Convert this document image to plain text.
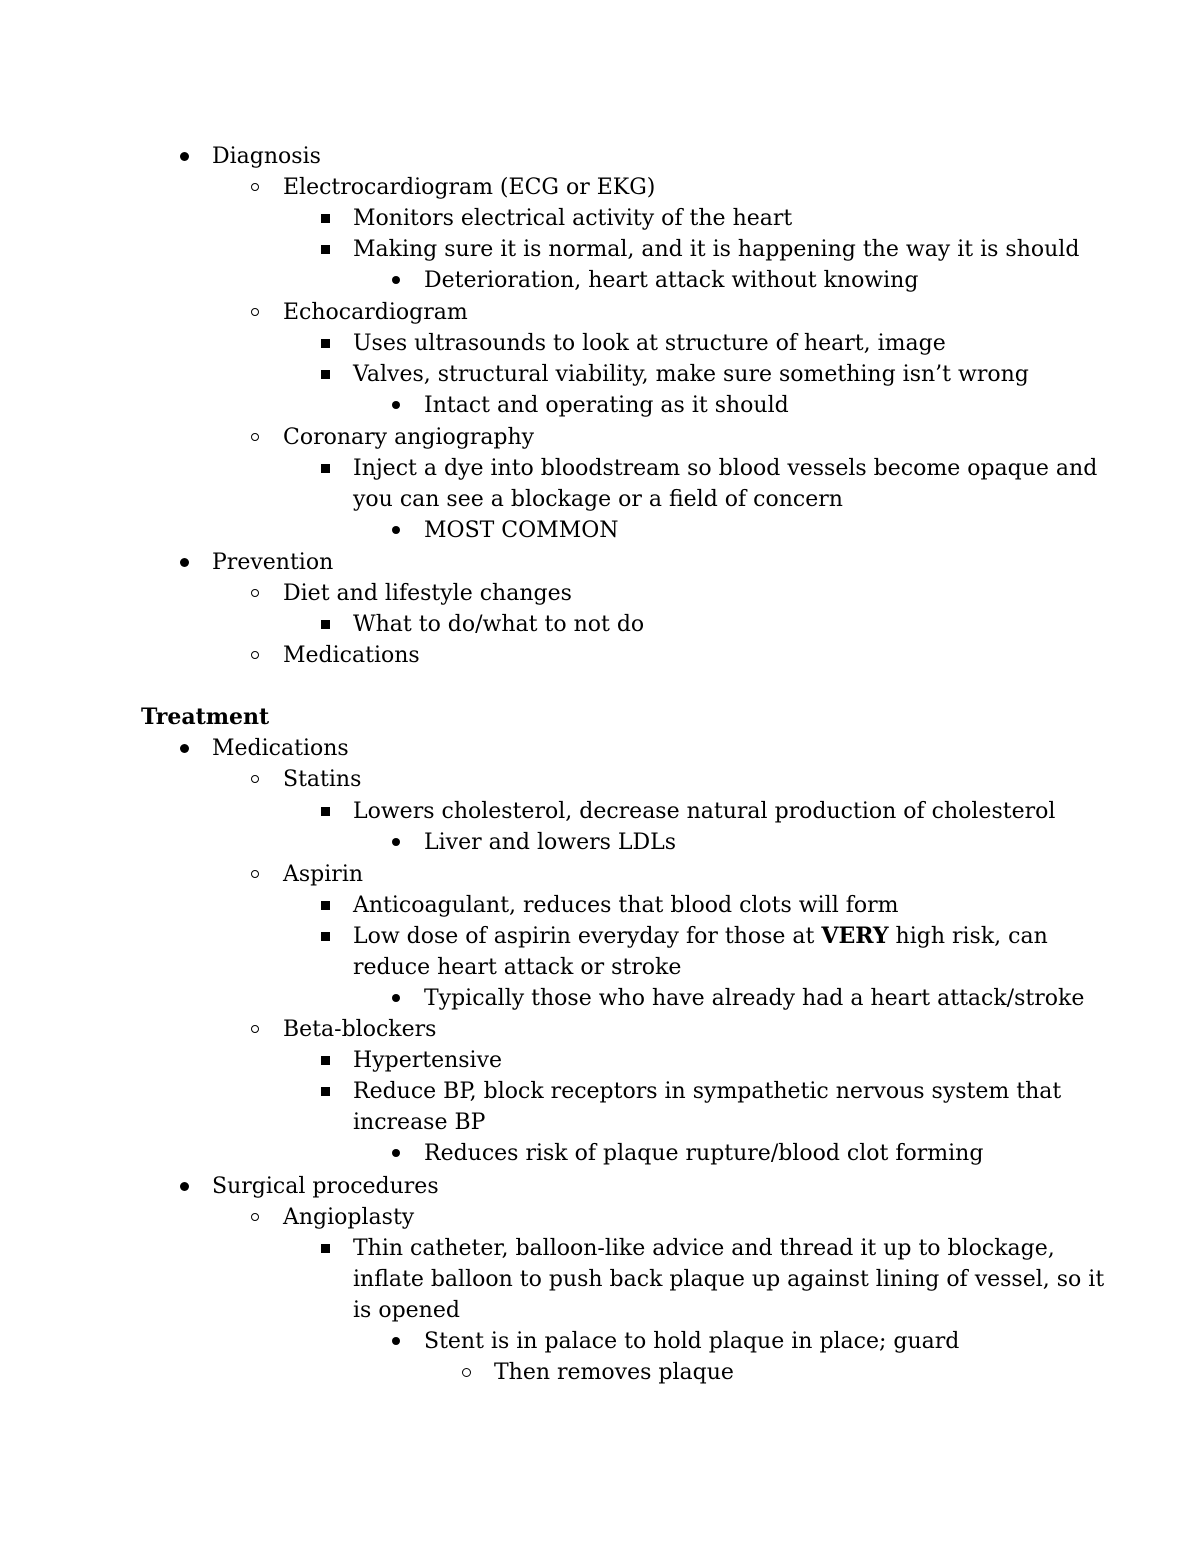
Diagnosis
Electrocardiogram (ECG or EKG)
Monitors electrical activity of the heart
Making sure it is normal, and it is happening the way it is should
Deterioration, heart attack without knowing
Echocardiogram
Uses ultrasounds to look at structure of heart, image
Valves, structural viability, make sure something isn’t wrong
Intact and operating as it should
Coronary angiography
Inject a dye into bloodstream so blood vessels become opaque and
you can see a blockage or a field of concern
MOST COMMON
Prevention
Diet and lifestyle changes
What to do/what to not do
Medications
Treatment
Medications
Statins
Lowers cholesterol, decrease natural production of cholesterol
Liver and lowers LDLs
Aspirin
Anticoagulant, reduces that blood clots will form
Low dose of aspirin everyday for those at VERY high risk, can
reduce heart attack or stroke
Typically those who have already had a heart attack/stroke
Beta-blockers
Hypertensive
Reduce BP, block receptors in sympathetic nervous system that
increase BP
Reduces risk of plaque rupture/blood clot forming
Surgical procedures
Angioplasty
Thin catheter, balloon-like advice and thread it up to blockage,
inflate balloon to push back plaque up against lining of vessel, so it
is opened
Stent is in palace to hold plaque in place; guard
Then removes plaque
